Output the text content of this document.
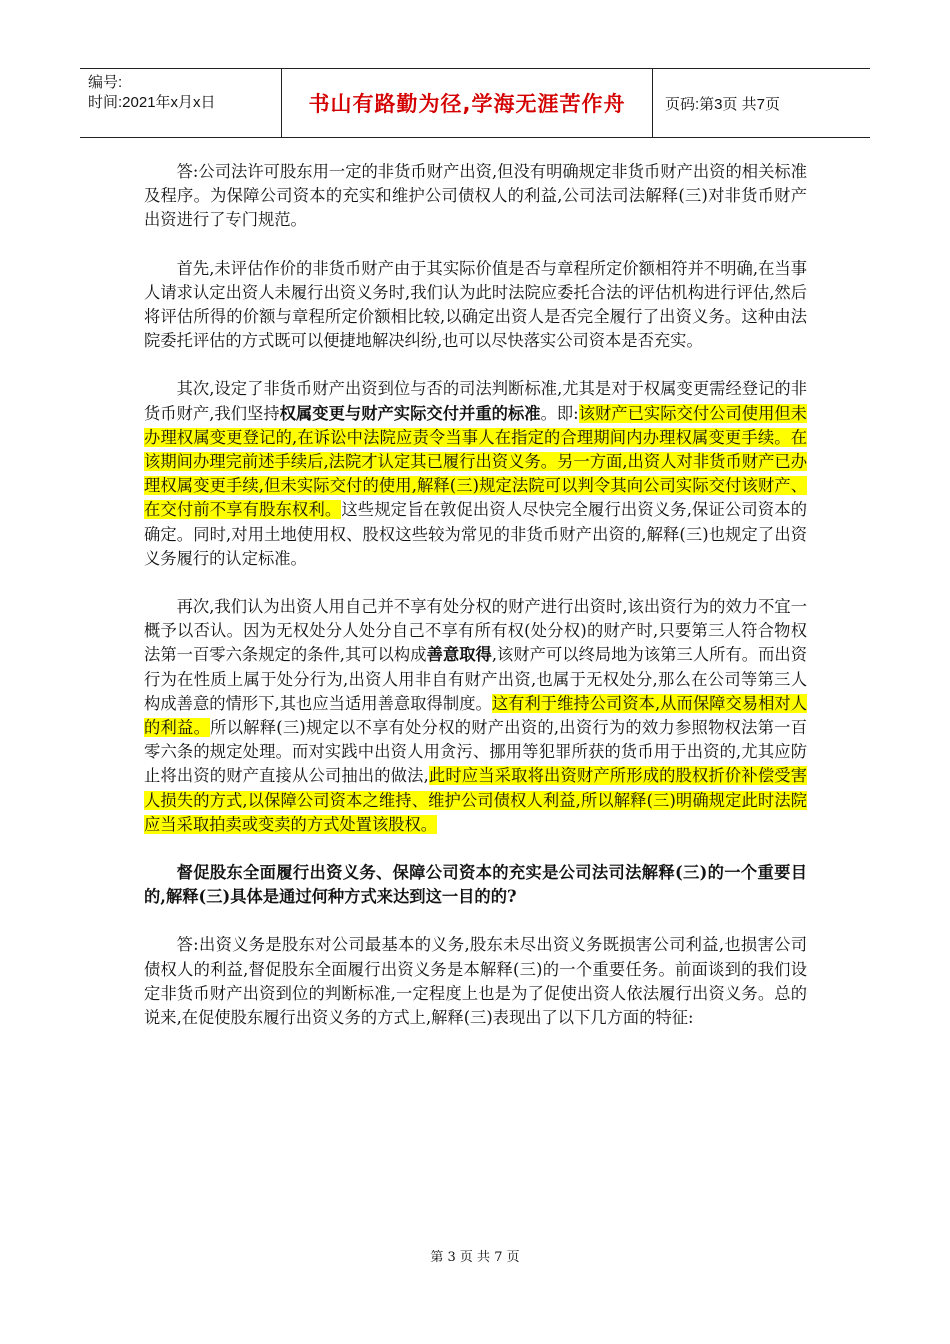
编号:
时间:2021年x月x日	书山有路勤为径,学海无涯苦作舟	页码:第3页 共7页

答:公司法许可股东用一定的非货币财产出资,但没有明确规定非货币财产出资的相关标准及程序。为保障公司资本的充实和维护公司债权人的利益,公司法司法解释(三)对非货币财产出资进行了专门规范。

首先,未评估作价的非货币财产由于其实际价值是否与章程所定价额相符并不明确,在当事人请求认定出资人未履行出资义务时,我们认为此时法院应委托合法的评估机构进行评估,然后将评估所得的价额与章程所定价额相比较,以确定出资人是否完全履行了出资义务。这种由法院委托评估的方式既可以便捷地解决纠纷,也可以尽快落实公司资本是否充实。

其次,设定了非货币财产出资到位与否的司法判断标准,尤其是对于权属变更需经登记的非货币财产,我们坚持权属变更与财产实际交付并重的标准。即:该财产已实际交付公司使用但未办理权属变更登记的,在诉讼中法院应责令当事人在指定的合理期间内办理权属变更手续。在该期间办理完前述手续后,法院才认定其已履行出资义务。另一方面,出资人对非货币财产已办理权属变更手续,但未实际交付的使用,解释(三)规定法院可以判令其向公司实际交付该财产、在交付前不享有股东权利。这些规定旨在敦促出资人尽快完全履行出资义务,保证公司资本的确定。同时,对用土地使用权、股权这些较为常见的非货币财产出资的,解释(三)也规定了出资义务履行的认定标准。

再次,我们认为出资人用自己并不享有处分权的财产进行出资时,该出资行为的效力不宜一概予以否认。因为无权处分人处分自己不享有所有权(处分权)的财产时,只要第三人符合物权法第一百零六条规定的条件,其可以构成善意取得,该财产可以终局地为该第三人所有。而出资行为在性质上属于处分行为,出资人用非自有财产出资,也属于无权处分,那么在公司等第三人构成善意的情形下,其也应当适用善意取得制度。这有利于维持公司资本,从而保障交易相对人的利益。所以解释(三)规定以不享有处分权的财产出资的,出资行为的效力参照物权法第一百零六条的规定处理。而对实践中出资人用贪污、挪用等犯罪所获的货币用于出资的,尤其应防止将出资的财产直接从公司抽出的做法,此时应当采取将出资财产所形成的股权折价补偿受害人损失的方式,以保障公司资本之维持、维护公司债权人利益,所以解释(三)明确规定此时法院应当采取拍卖或变卖的方式处置该股权。

督促股东全面履行出资义务、保障公司资本的充实是公司法司法解释(三)的一个重要目的,解释(三)具体是通过何种方式来达到这一目的的?

答:出资义务是股东对公司最基本的义务,股东未尽出资义务既损害公司利益,也损害公司债权人的利益,督促股东全面履行出资义务是本解释(三)的一个重要任务。前面谈到的我们设定非货币财产出资到位的判断标准,一定程度上也是为了促使出资人依法履行出资义务。总的说来,在促使股东履行出资义务的方式上,解释(三)表现出了以下几方面的特征:

第 3 页 共 7 页
